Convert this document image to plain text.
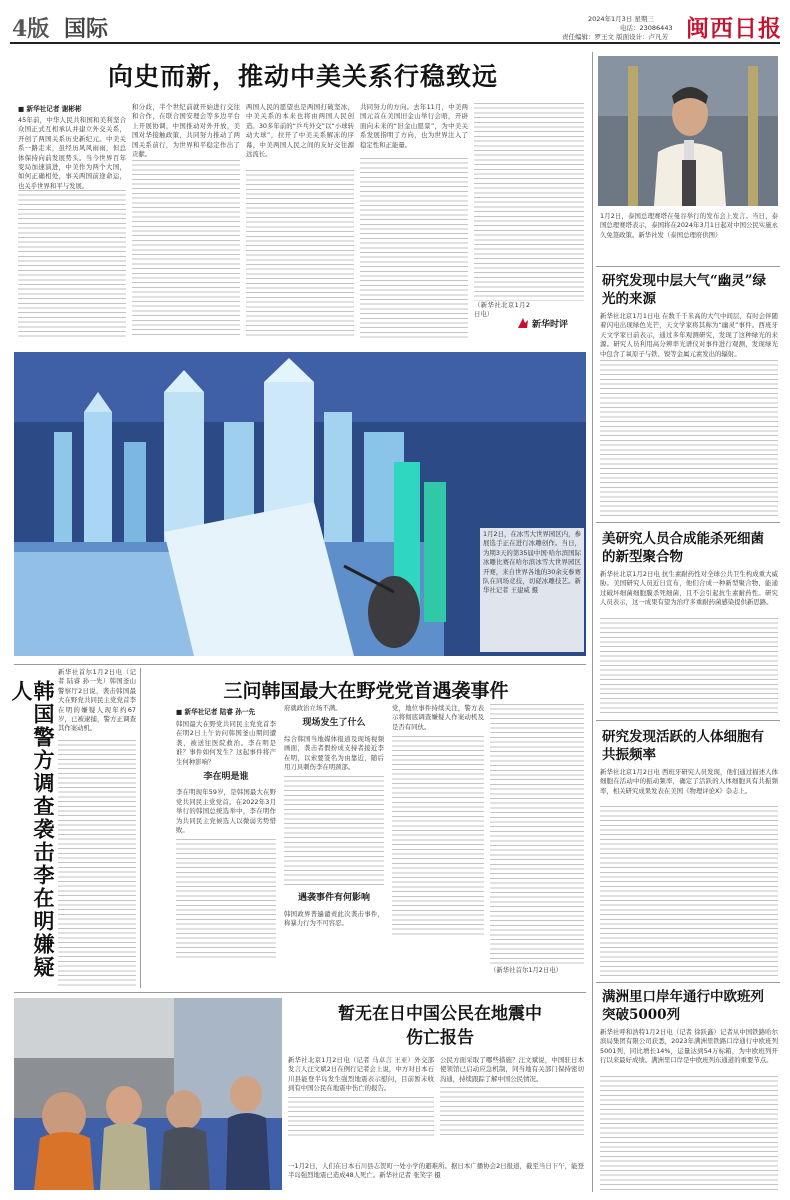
4版 国际	2024年1月3日 星期三
电话：23086443
责任编辑：罗王文 版面设计：卢凡芳 闽西日报
向史而新，推动中美关系行稳致远
■ 新华社记者 谢彬彬
45年前，中华人民共和国和美利坚合众国正式互相承认并建立外交关系，开创了两国关系历史新纪元。中美关系一路走来，虽经历风风雨雨，但总体保持向前发展势头。当今世界百年变局加速演进，中美作为两个大国，如何正确相处，事关两国前途命运，也关乎世界和平与发展。
和分歧，半个世纪前就开始进行交往和合作，在联合国安理会等多边平台上开展协调，中国推动对外开放，美国对华接触政策，共同努力推动了两国关系前行，为世界和平稳定作出了贡献。
两国人民的愿望也是两国打破坚冰，中美关系的本来也将由两国人民创造。30多年前的“乒乓外交”以“小球转动大球”，拉开了中美关系解冻的序幕，中美两国人民之间的友好交往源远流长。
共同努力的方向。去年11月，中美两国元首在美国旧金山举行会晤，开辟面向未来的“旧金山愿景”，为中美关系发展指明了方向，也为世界注入了稳定性和正能量。
（新华社北京1月2日电）
新华时评
1月2日，泰国总理赛塔在曼谷举行的发布会上发言。当日，泰国总理赛塔表示，泰国将在2024年3月1日起对中国公民实施永久免签政策。新华社发（泰国总理府供图）
研究发现中层大气“幽灵”绿光的来源
新华社北京1月1日电 在数千千米高的大气中间层，有时会伴随着闪电出现绿色光芒，天文学家将其称为“幽灵”事件。西班牙天文学家日前表示，通过多年观测研究，发现了这种绿光的来源。研究人员利用高分辨率光谱仪对事件进行观测，发现绿光中包含了氧原子与铁、镍等金属元素发出的辐射。
美研究人员合成能杀死细菌的新型聚合物
新华社北京1月2日电 抗生素耐药性对全球公共卫生构成重大威胁。美国研究人员近日宣布，他们合成一种新型聚合物，能通过破坏细菌细胞膜杀死细菌，且不会引起抗生素耐药性。研究人员表示，这一成果有望为治疗多重耐药菌感染提供新思路。
研究发现活跃的人体细胞有共振频率
新华社北京1月2日电 西班牙研究人员发现，他们通过描述人体细胞在活动中的振动频率，确定了活跃的人体细胞具有共振频率，相关研究成果发表在美国《物理评论X》杂志上。
满洲里口岸年通行中欧班列突破5000列
新华社呼和浩特1月2日电（记者 徐跃鑫）记者从中国铁路哈尔滨局集团有限公司获悉，2023年满洲里铁路口岸通行中欧班列5001列，同比增长14%，运量达到54万标箱，为中欧班列开行以来最好成绩。满洲里口岸是中欧班列东通道的重要节点。
1月2日，在冰雪大世界园区内，参展选手正在进行冰雕创作。当日，为期3天的第35届中国·哈尔滨国际冰雕比赛在哈尔滨冰雪大世界园区开赛，来自世界各地的30余支参赛队在同场竞技，切磋冰雕技艺。新华社记者 王建威 摄
新华社首尔1月2日电（记者 陆睿 孙一先）韩国釜山警察厅2日说，袭击韩国最大在野党共同民主党党首李在明的嫌疑人现年约67岁，已被逮捕，警方正调查其作案动机。
韩国警方调查袭击李在明嫌疑人	三问韩国最大在野党党首遇袭事件
■ 新华社记者 陆睿 孙一先
韩国最大在野党共同民主党党首李在明2日上午访问韩国釜山期间遭袭，被送往医院救治。李在明是谁？事件如何发生？这起事件将产生何种影响？
李在明是谁
李在明现年59岁，是韩国最大在野党共同民主党党首。在2022年3月举行的韩国总统选举中，李在明作为共同民主党候选人以微弱劣势惜败。
府就政治立场不满。
现场发生了什么
综合韩国当地媒体报道及现场视频画面，袭击者假扮成支持者接近李在明，以索要签名为由靠近，随后用刀具刺伤李在明颈部。
遇袭事件有何影响
韩国政界普遍谴责此次袭击事件，称暴力行为不可容忍。
党，地位事件持续关注，警方表示将彻底调查嫌疑人作案动机及是否有同伙。
（新华社首尔1月2日电）
暂无在日中国公民在地震中伤亡报告
新华社北京1月2日电（记者 马卓言 王亚）外交部发言人汪文斌2日在例行记者会上说，中方对日本石川县能登半岛发生强烈地震表示慰问，目前暂未收到有中国公民在地震中伤亡的报告。
公民方面采取了哪些措施？汪文斌说，中国驻日本使领馆已启动应急机制，同当地有关部门保持密切沟通，持续跟踪了解中国公民情况。
一1月2日，人们在日本石川县志贺町一处小学的避难所。据日本广播协会2日报道，截至当日下午，能登半岛强烈地震已造成48人死亡。新华社记者 张笑宇 摄
